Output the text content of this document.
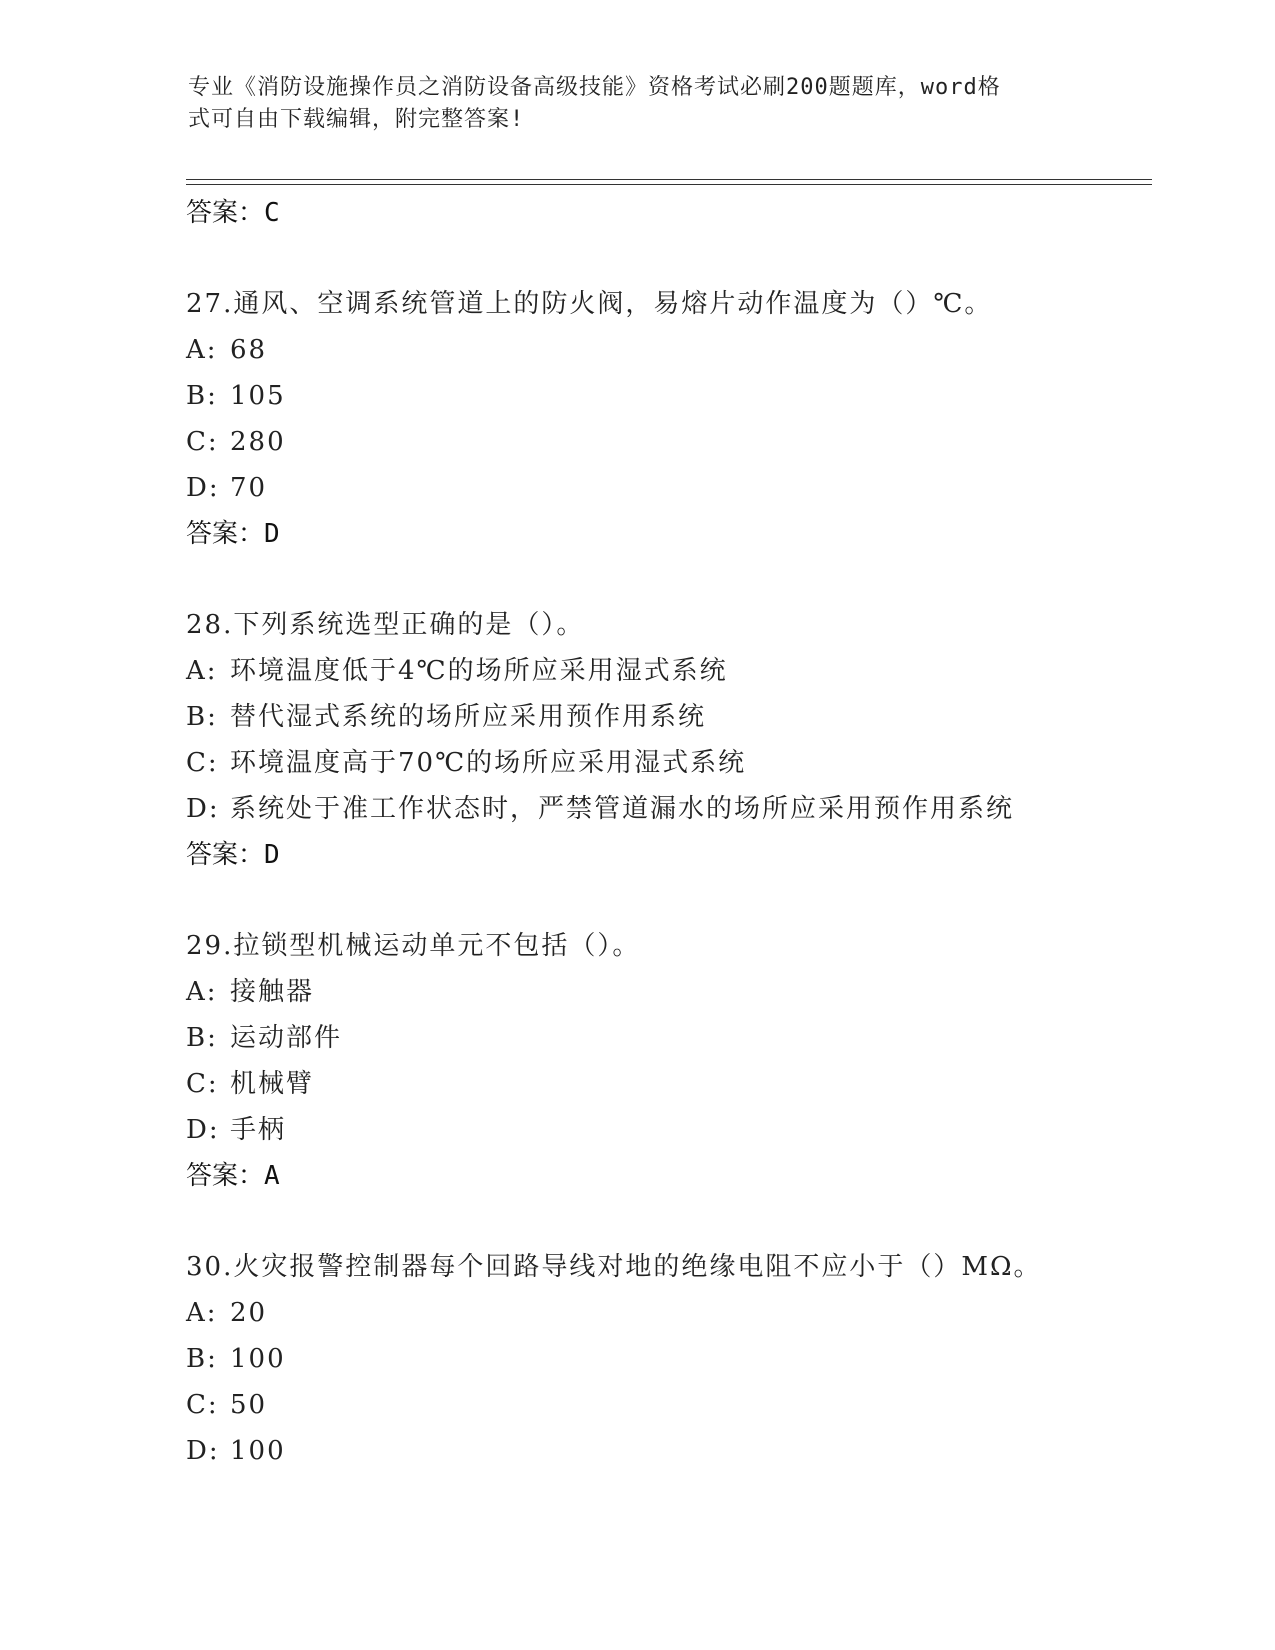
专业《消防设施操作员之消防设备高级技能》资格考试必刷200题题库，word格
式可自由下载编辑，附完整答案!
答案：C
27.通风、空调系统管道上的防火阀，易熔片动作温度为（）℃。
A: 68
B: 105
C: 280
D: 70
答案：D
28.下列系统选型正确的是（）。
A: 环境温度低于4℃的场所应采用湿式系统
B: 替代湿式系统的场所应采用预作用系统
C: 环境温度高于70℃的场所应采用湿式系统
D: 系统处于准工作状态时，严禁管道漏水的场所应采用预作用系统
答案：D
29.拉锁型机械运动单元不包括（）。
A: 接触器
B: 运动部件
C: 机械臂
D: 手柄
答案：A
30.火灾报警控制器每个回路导线对地的绝缘电阻不应小于（）MΩ。
A: 20
B: 100
C: 50
D: 100
